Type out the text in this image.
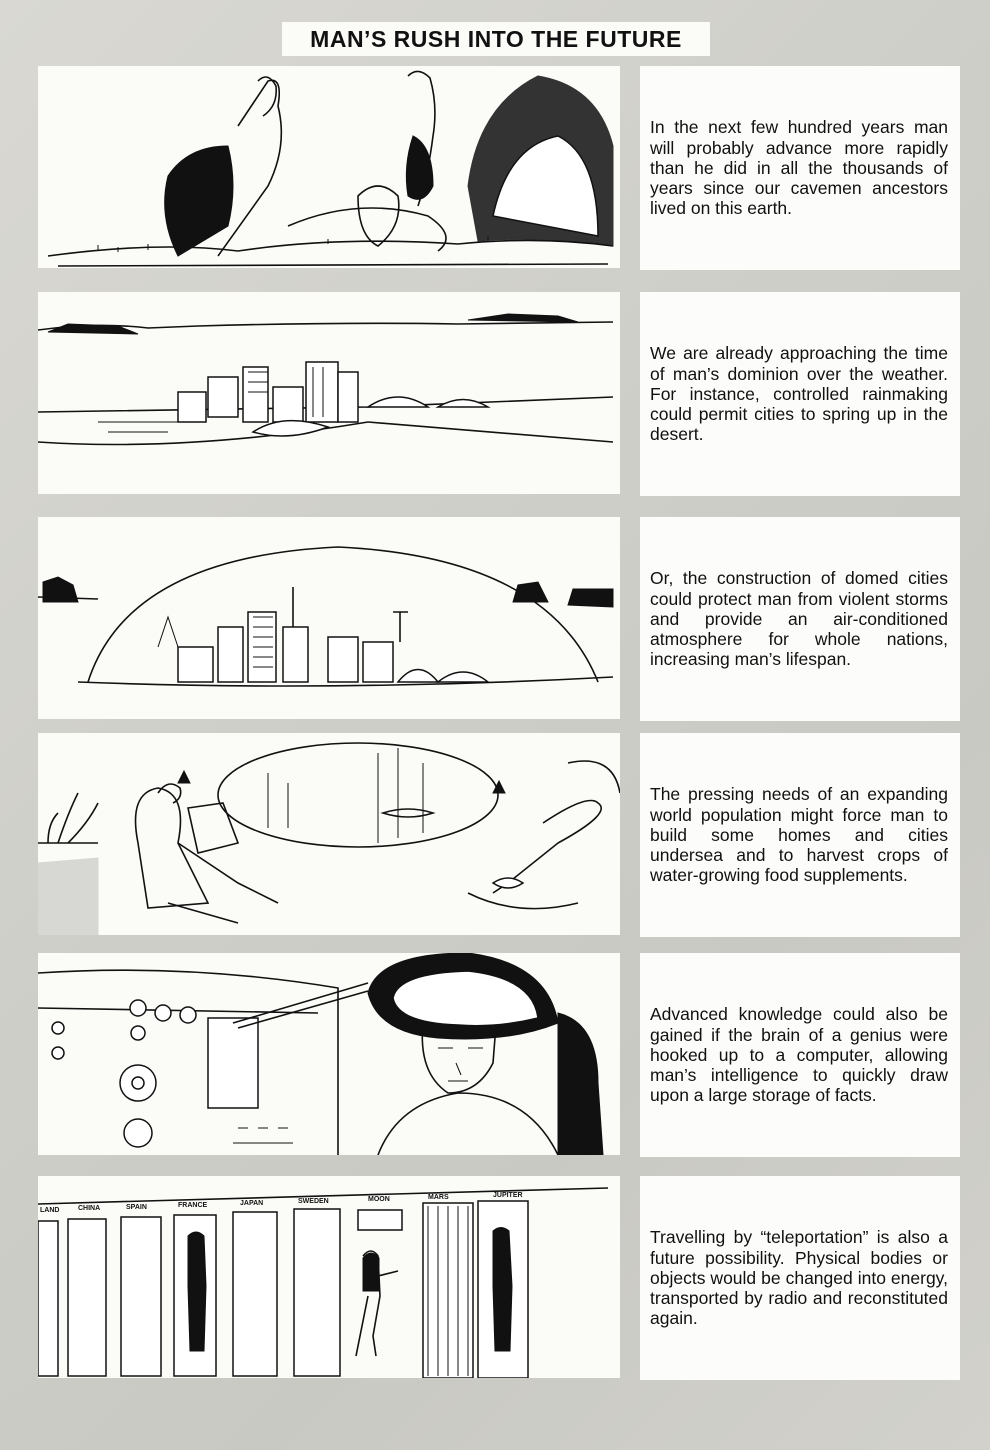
MAN’S RUSH INTO THE FUTURE

In the next few hundred years man will probably advance more rapidly than he did in all the thousands of years since our cavemen ancestors lived on this earth.

We are already approaching the time of man’s dominion over the weather. For instance, controlled rainmaking could permit cities to spring up in the desert.

Or, the construction of domed cities could protect man from violent storms and provide an air-conditioned atmosphere for whole nations, increasing man’s lifespan.

The pressing needs of an expanding world population might force man to build some homes and cities undersea and to harvest crops of water-growing food supplements.

Advanced knowledge could also be gained if the brain of a genius were hooked up to a computer, allowing man’s intelligence to quickly draw upon a large storage of facts.

LAND	CHINA	SPAIN	FRANCE	JAPAN	SWEDEN	MOON	MARS	JUPITER

Travelling by “teleportation” is also a future possibility. Physical bodies or objects would be changed into energy, transported by radio and reconstituted again.
